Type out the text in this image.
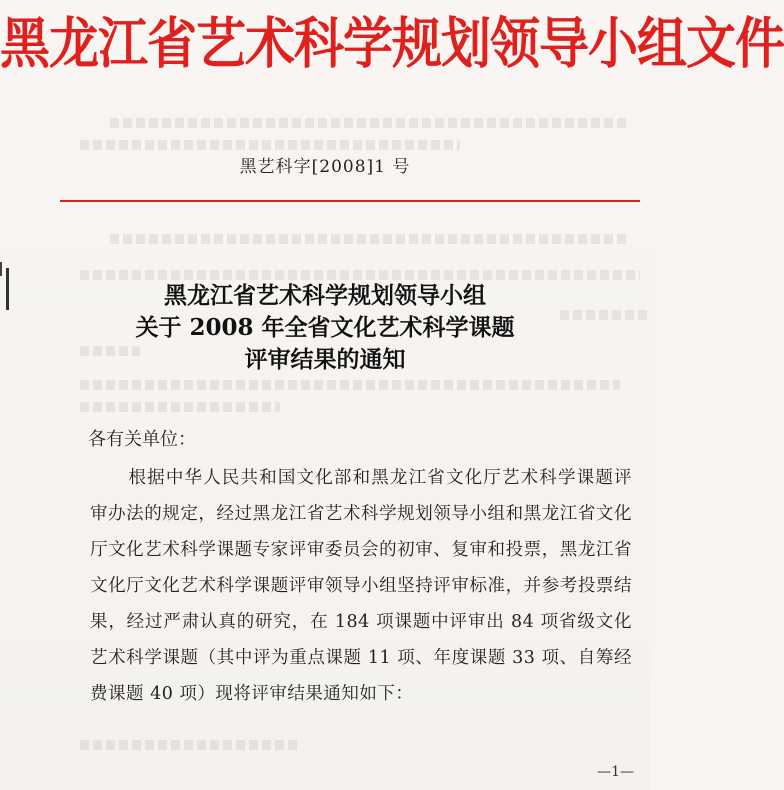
黑龙江省艺术科学规划领导小组文件
黑艺科字[2008]1 号
黑龙江省艺术科学规划领导小组
关于 2008 年全省文化艺术科学课题
评审结果的通知
各有关单位：
根据中华人民共和国文化部和黑龙江省文化厅艺术科学课题评审办法的规定，经过黑龙江省艺术科学规划领导小组和黑龙江省文化厅文化艺术科学课题专家评审委员会的初审、复审和投票，黑龙江省文化厅文化艺术科学课题评审领导小组坚持评审标准，并参考投票结果，经过严肃认真的研究，在 184 项课题中评审出 84 项省级文化艺术科学课题（其中评为重点课题 11 项、年度课题 33 项、自筹经费课题 40 项）现将评审结果通知如下：
—1—
